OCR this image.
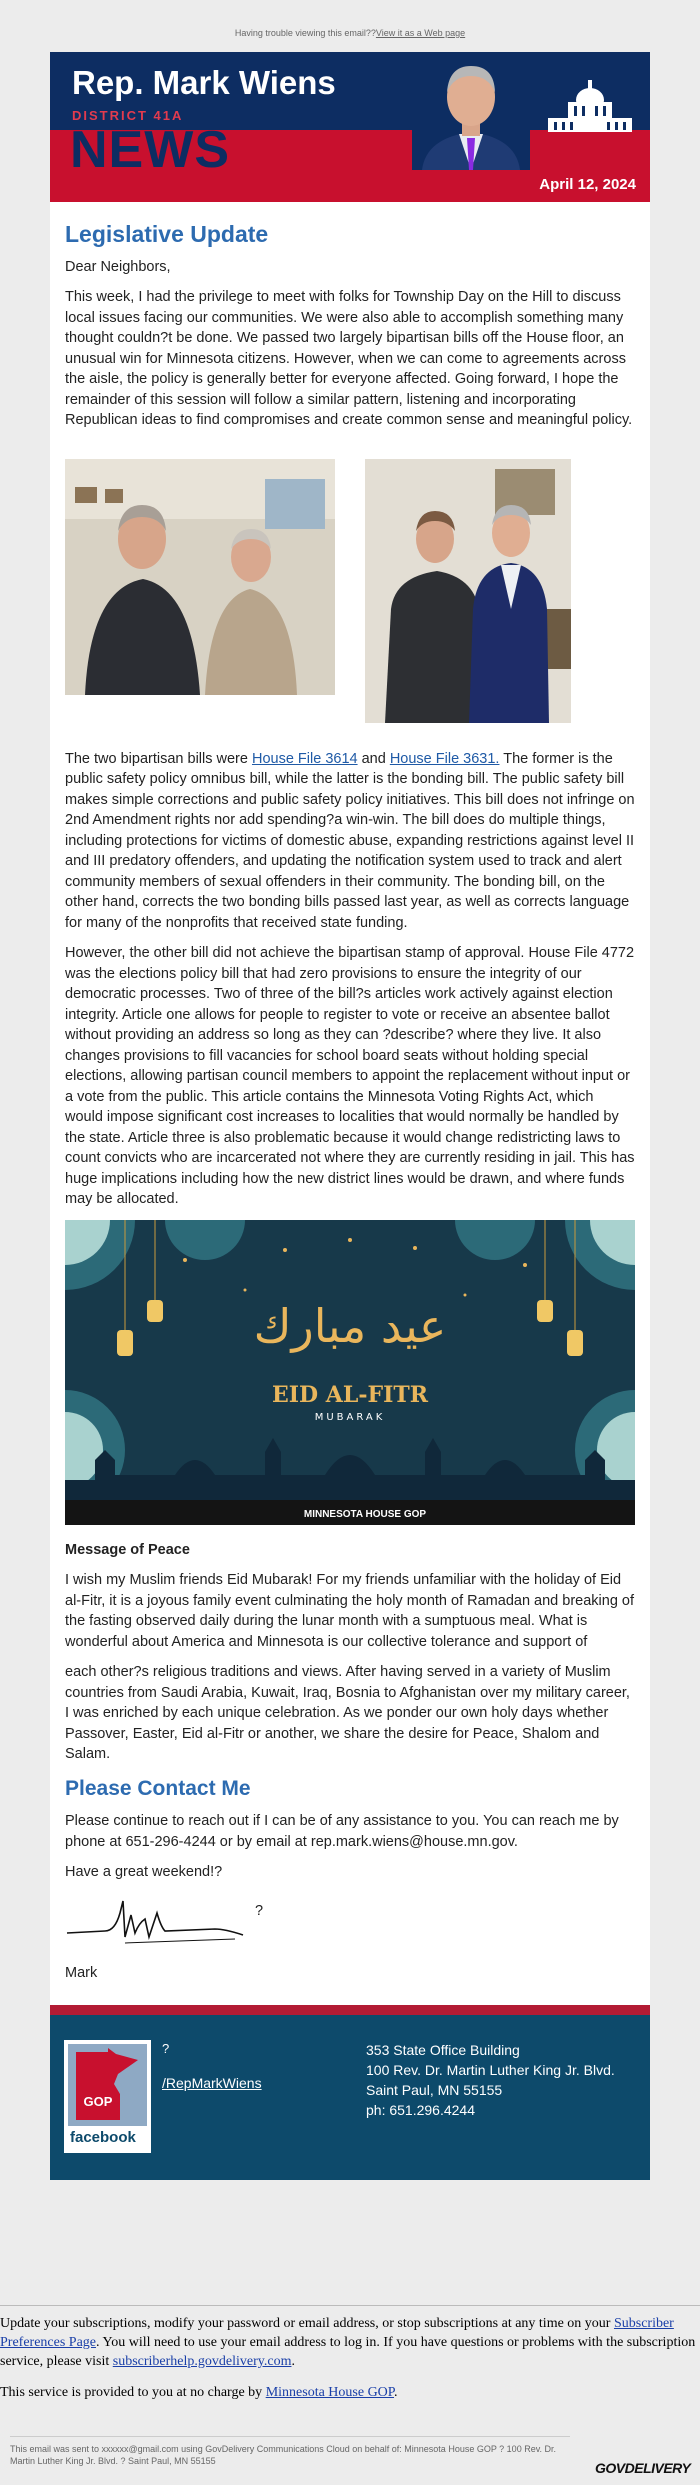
Having trouble viewing this email??View it as a Web page
Rep. Mark Wiens
DISTRICT 41A
NEWS
April 12, 2024
Legislative Update

Dear Neighbors,

This week, I had the privilege to meet with folks for Township Day on the Hill to discuss local issues facing our communities. We were also able to accomplish something many thought couldn?t be done. We passed two largely bipartisan bills off the House floor, an unusual win for Minnesota citizens. However, when we can come to agreements across the aisle, the policy is generally better for everyone affected. Going forward, I hope the remainder of this session will follow a similar pattern, listening and incorporating Republican ideas to find compromises and create common sense and meaningful policy.

The two bipartisan bills were House File 3614 and House File 3631. The former is the public safety policy omnibus bill, while the latter is the bonding bill. The public safety bill makes simple corrections and public safety policy initiatives. This bill does not infringe on 2nd Amendment rights nor add spending?a win-win. The bill does do multiple things, including protections for victims of domestic abuse, expanding restrictions against level II and III predatory offenders, and updating the notification system used to track and alert community members of sexual offenders in their community. The bonding bill, on the other hand, corrects the two bonding bills passed last year, as well as corrects language for many of the nonprofits that received state funding.

However, the other bill did not achieve the bipartisan stamp of approval. House File 4772 was the elections policy bill that had zero provisions to ensure the integrity of our democratic processes. Two of three of the bill?s articles work actively against election integrity. Article one allows for people to register to vote or receive an absentee ballot without providing an address so long as they can ?describe? where they live. It also changes provisions to fill vacancies for school board seats without holding special elections, allowing partisan council members to appoint the replacement without input or a vote from the public. This article contains the Minnesota Voting Rights Act, which would impose significant cost increases to localities that would normally be handled by the state. Article three is also problematic because it would change redistricting laws to count convicts who are incarcerated not where they are currently residing in jail. This has huge implications including how the new district lines would be drawn, and where funds may be allocated.

عيد مبارك
EID AL-FITR
MUBARAK
MINNESOTA HOUSE GOP

Message of Peace

I wish my Muslim friends Eid Mubarak! For my friends unfamiliar with the holiday of Eid al-Fitr, it is a joyous family event culminating the holy month of Ramadan and breaking of the fasting observed daily during the lunar month with a sumptuous meal. What is wonderful about America and Minnesota is our collective tolerance and support of

each other?s religious traditions and views. After having served in a variety of Muslim countries from Saudi Arabia, Kuwait, Iraq, Bosnia to Afghanistan over my military career, I was enriched by each unique celebration. As we ponder our own holy days whether Passover, Easter, Eid al-Fitr or another, we share the desire for Peace, Shalom and Salam.

Please Contact Me

Please continue to reach out if I can be of any assistance to you. You can reach me by phone at 651-296-4244 or by email at rep.mark.wiens@house.mn.gov.

Have a great weekend!?

?

Mark

GOP
facebook
?
/RepMarkWiens
353 State Office Building
100 Rev. Dr. Martin Luther King Jr. Blvd.
Saint Paul, MN 55155
ph: 651.296.4244

Update your subscriptions, modify your password or email address, or stop subscriptions at any time on your Subscriber Preferences Page. You will need to use your email address to log in. If you have questions or problems with the subscription service, please visit subscriberhelp.govdelivery.com.

This service is provided to you at no charge by Minnesota House GOP.

This email was sent to xxxxxx@gmail.com using GovDelivery Communications Cloud on behalf of: Minnesota House GOP ? 100 Rev. Dr. Martin Luther King Jr. Blvd. ? Saint Paul, MN 55155	GOVDELIVERY
